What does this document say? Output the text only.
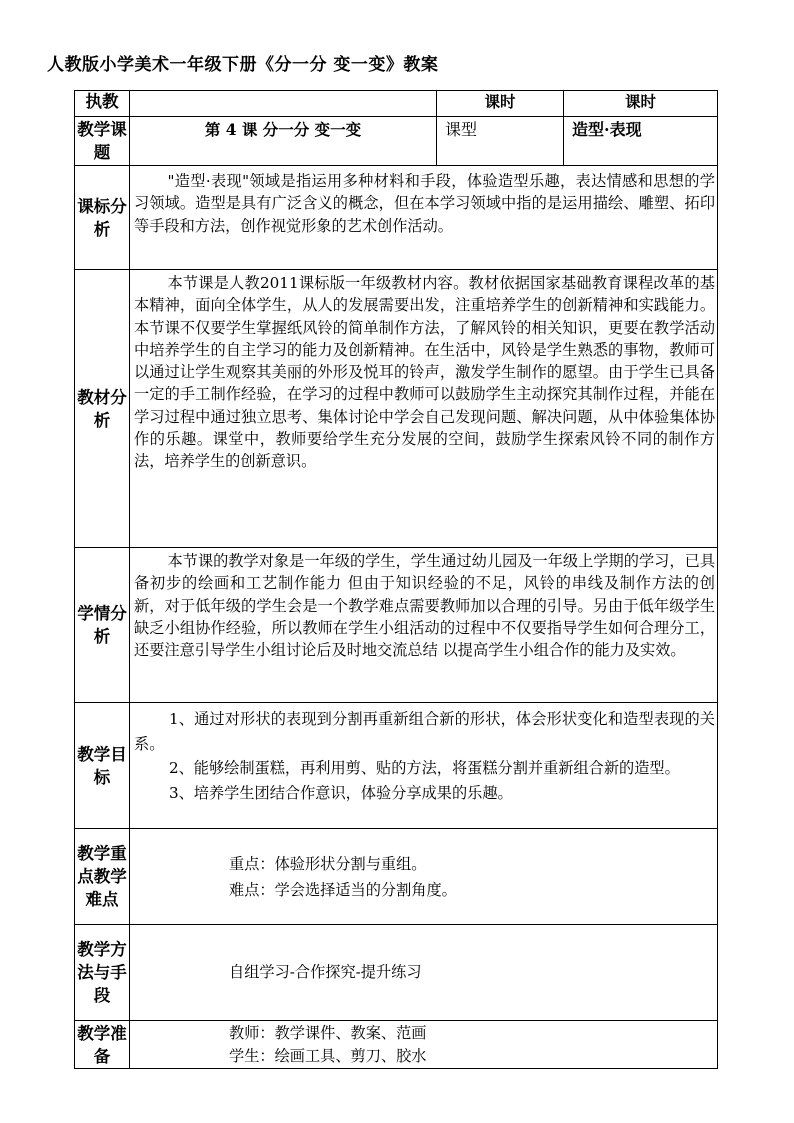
人教版小学美术一年级下册《分一分 变一变》教案
执教		课时	课时
教学课题	第 4 课 分一分 变一变	课型	造型·表现
课标分析	"造型·表现"领域是指运用多种材料和手段，体验造型乐趣，表达情感和思想的学习领域。造型是具有广泛含义的概念，但在本学习领域中指的是运用描绘、雕塑、拓印等手段和方法，创作视觉形象的艺术创作活动。		

教材分析	本节课是人教2011课标版一年级教材内容。教材依据国家基础教育课程改革的基本精神，面向全体学生，从人的发展需要出发，注重培养学生的创新精神和实践能力。本节课不仅要学生掌握纸风铃的简单制作方法，了解风铃的相关知识，更要在教学活动中培养学生的自主学习的能力及创新精神。在生活中，风铃是学生熟悉的事物，教师可以通过让学生观察其美丽的外形及悦耳的铃声，激发学生制作的愿望。由于学生已具备一定的手工制作经验，在学习的过程中教师可以鼓励学生主动探究其制作过程，并能在学习过程中通过独立思考、集体讨论中学会自己发现问题、解决问题，从中体验集体协作的乐趣。课堂中，教师要给学生充分发展的空间，鼓励学生探索风铃不同的制作方法，培养学生的创新意识。		

学情分析	本节课的教学对象是一年级的学生，学生通过幼儿园及一年级上学期的学习，已具备初步的绘画和工艺制作能力 但由于知识经验的不足，风铃的串线及制作方法的创新，对于低年级的学生会是一个教学难点需要教师加以合理的引导。另由于低年级学生缺乏小组协作经验，所以教师在学生小组活动的过程中不仅要指导学生如何合理分工，还要注意引导学生小组讨论后及时地交流总结 以提高学生小组合作的能力及实效。		

教学目标	1、通过对形状的表现到分割再重新组合新的形状，体会形状变化和造型表现的关系。

2、能够绘制蛋糕，再利用剪、贴的方法，将蛋糕分割并重新组合新的造型。

3、培养学生团结合作意识，体验分享成果的乐趣。		

教学重点教学难点	重点：体验形状分割与重组。
难点：学会选择适当的分割角度。		

教学方法与手段	自组学习-合作探究-提升练习		

教学准备	教师：教学课件、教案、范画
学生：绘画工具、剪刀、胶水		
